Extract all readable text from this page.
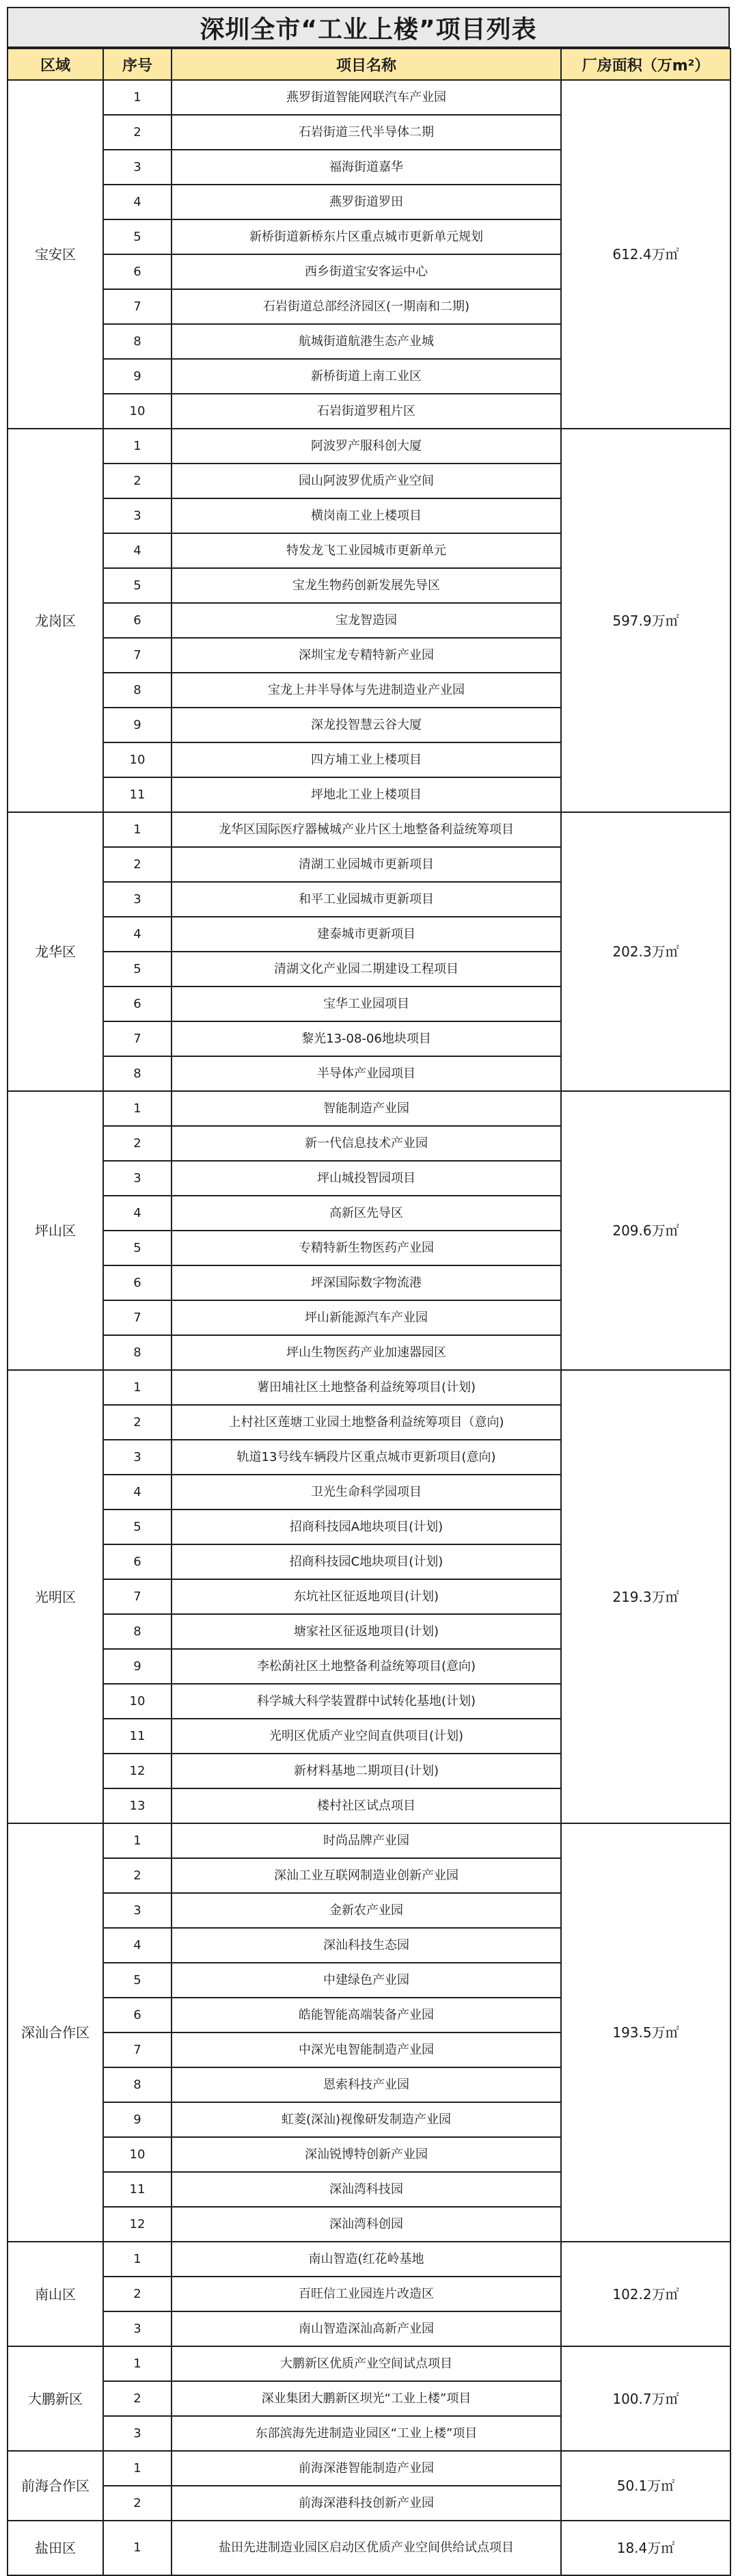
深圳全市“工业上楼”项目列表
区域	序号	项目名称	厂房面积（万m²）
宝安区	1	燕罗街道智能网联汽车产业园	612.4万㎡
	2	石岩街道三代半导体二期	
	3	福海街道嘉华	
	4	燕罗街道罗田	
	5	新桥街道新桥东片区重点城市更新单元规划	
	6	西乡街道宝安客运中心	
	7	石岩街道总部经济园区(一期南和二期)	
	8	航城街道航港生态产业城	
	9	新桥街道上南工业区	
	10	石岩街道罗租片区	
龙岗区	1	阿波罗产服科创大厦	597.9万㎡
	2	园山阿波罗优质产业空间	
	3	横岗南工业上楼项目	
	4	特发龙飞工业园城市更新单元	
	5	宝龙生物药创新发展先导区	
	6	宝龙智造园	
	7	深圳宝龙专精特新产业园	
	8	宝龙上井半导体与先进制造业产业园	
	9	深龙投智慧云谷大厦	
	10	四方埔工业上楼项目	
	11	坪地北工业上楼项目	
龙华区	1	龙华区国际医疗器械城产业片区土地整备利益统筹项目	202.3万㎡
	2	清湖工业园城市更新项目	
	3	和平工业园城市更新项目	
	4	建泰城市更新项目	
	5	清湖文化产业园二期建设工程项目	
	6	宝华工业园项目	
	7	黎光13-08-06地块项目	
	8	半导体产业园项目	
坪山区	1	智能制造产业园	209.6万㎡
	2	新一代信息技术产业园	
	3	坪山城投智园项目	
	4	高新区先导区	
	5	专精特新生物医药产业园	
	6	坪深国际数字物流港	
	7	坪山新能源汽车产业园	
	8	坪山生物医药产业加速器园区	
光明区	1	薯田埔社区土地整备利益统筹项目(计划)	219.3万㎡
	2	上村社区莲塘工业园土地整备利益统筹项目（意向)	
	3	轨道13号线车辆段片区重点城市更新项目(意向)	
	4	卫光生命科学园项目	
	5	招商科技园A地块项目(计划)	
	6	招商科技园C地块项目(计划)	
	7	东坑社区征返地项目(计划)	
	8	塘家社区征返地项目(计划)	
	9	李松蓢社区土地整备利益统筹项目(意向)	
	10	科学城大科学装置群中试转化基地(计划)	
	11	光明区优质产业空间直供项目(计划)	
	12	新材料基地二期项目(计划)	
	13	楼村社区试点项目	
深汕合作区	1	时尚品牌产业园	193.5万㎡
	2	深汕工业互联网制造业创新产业园	
	3	金新农产业园	
	4	深汕科技生态园	
	5	中建绿色产业园	
	6	皓能智能高端装备产业园	
	7	中深光电智能制造产业园	
	8	恩索科技产业园	
	9	虹菱(深汕)视像研发制造产业园	
	10	深汕锐博特创新产业园	
	11	深汕湾科技园	
	12	深汕湾科创园	
南山区	1	南山智造(红花岭基地	102.2万㎡
	2	百旺信工业园连片改造区	
	3	南山智造深汕高新产业园	
大鹏新区	1	大鹏新区优质产业空间试点项目	100.7万㎡
	2	深业集团大鹏新区坝光“工业上楼”项目	
	3	东部滨海先进制造业园区“工业上楼”项目	
前海合作区	1	前海深港智能制造产业园	50.1万㎡
	2	前海深港科技创新产业园	
盐田区	1	盐田先进制造业园区启动区优质产业空间供给试点项目	18.4万㎡
